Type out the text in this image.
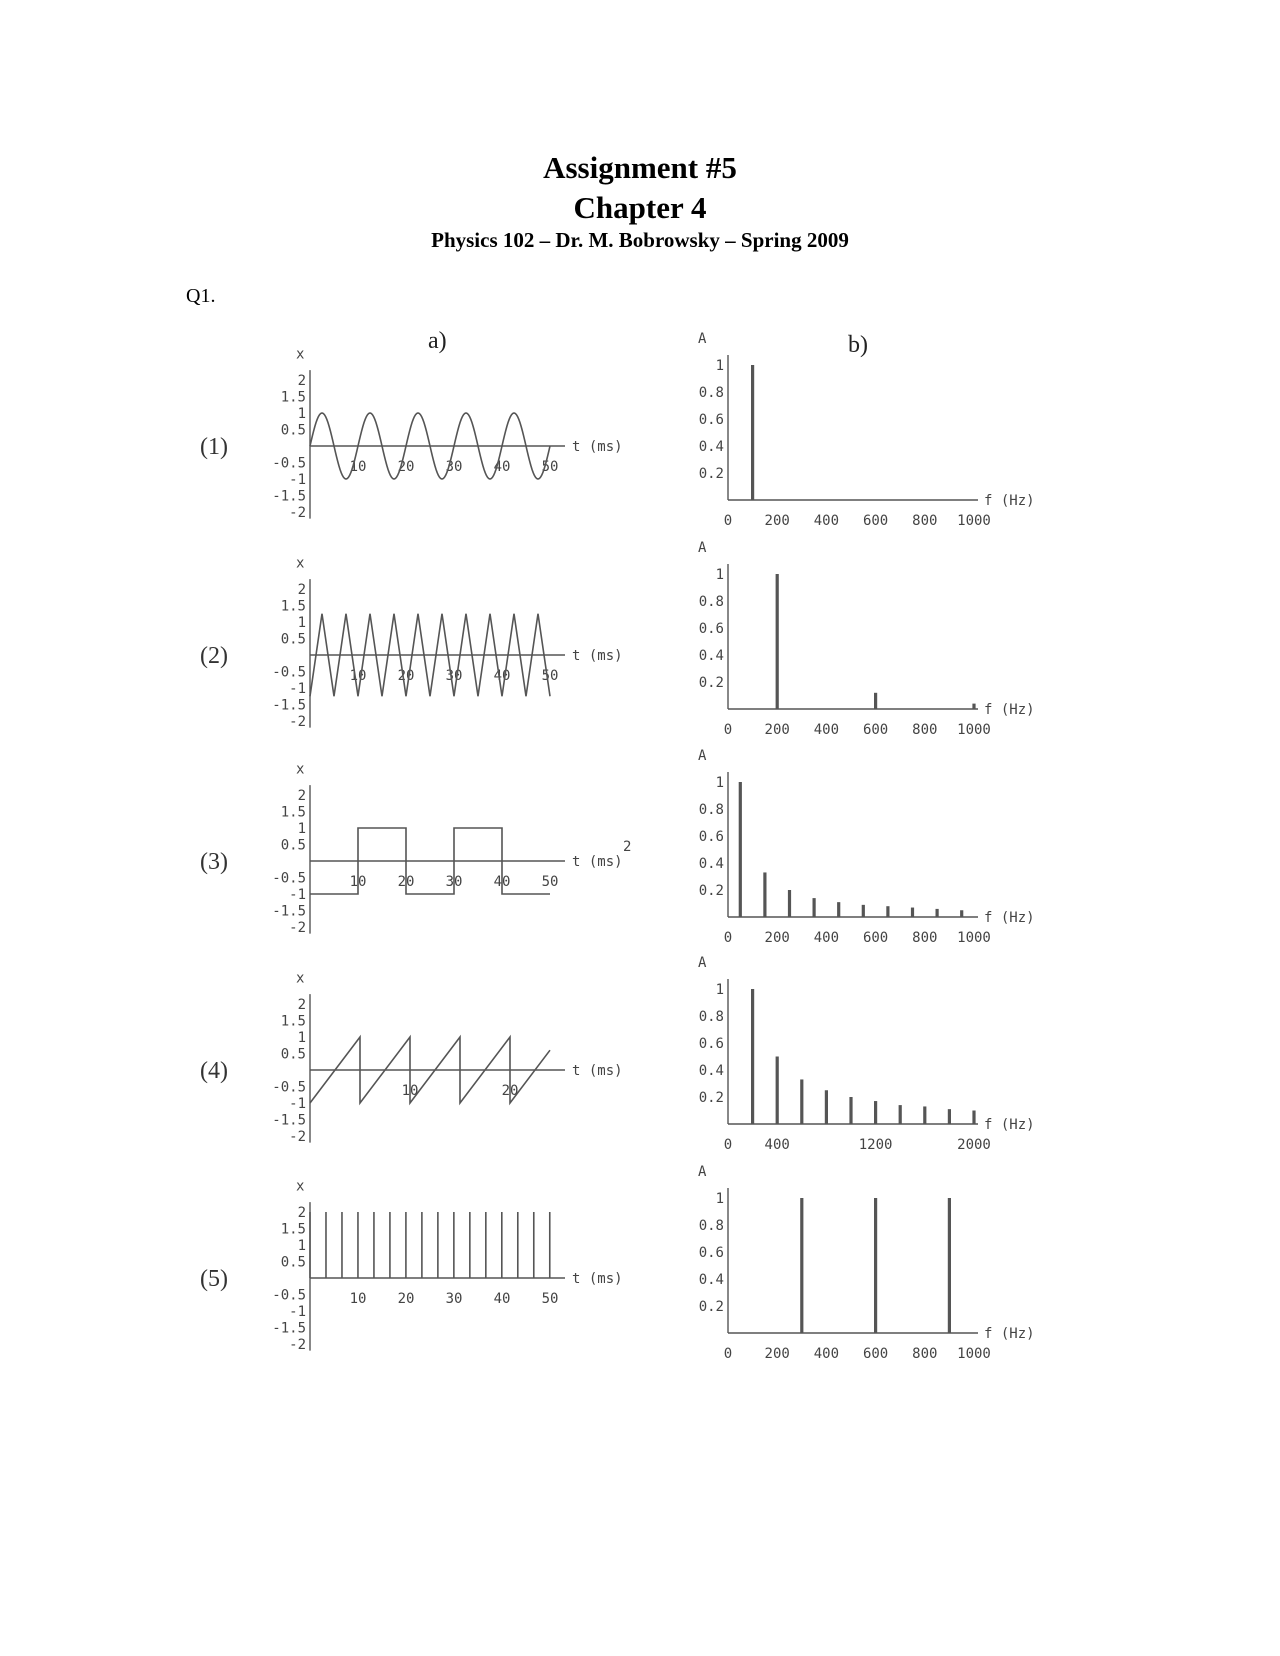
Assignment #5
Chapter 4
Physics 102 – Dr. M. Bobrowsky – Spring 2009
Q1.
a)	b)
(1)
x
2
1.5
1
0.5
-0.5
-1
-1.5
-2
t (ms)
10 20 30 40 50
A
1
0.8
0.6
0.4
0.2
f (Hz)
0 200 400 600 800 1000
(2)
x
2
1.5
1
0.5
-0.5
-1
-1.5
-2
t (ms)
10 20 30 40 50
A
1
0.8
0.6
0.4
0.2
f (Hz)
0 200 400 600 800 1000
(3)
x
2
1.5
1
0.5
-0.5
-1
-1.5
-2
t (ms)
10 20 30 40 50
2
A
1
0.8
0.6
0.4
0.2
f (Hz)
0 200 400 600 800 1000
(4)
x
2
1.5
1
0.5
-0.5
-1
-1.5
-2
t (ms)
10	20
A
1
0.8
0.6
0.4
0.2
f (Hz)
0 400	1200	2000
(5)
x
2
1.5
1
0.5
-0.5
-1
-1.5
-2
t (ms)
10 20 30 40 50
A
1
0.8
0.6
0.4
0.2
f (Hz)
0 200 400 600 800 1000
